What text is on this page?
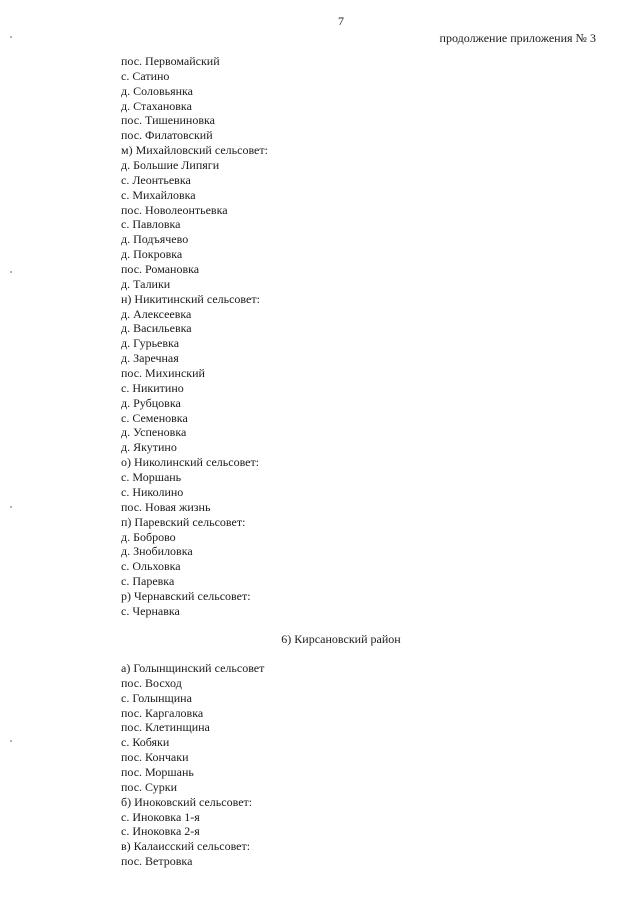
7
продолжение приложения № 3
пос. Первомайский
с. Сатино
д. Соловьянка
д. Стахановка
пос. Тишениновка
пос. Филатовский
м) Михайловский сельсовет:
д. Большие Липяги
с. Леонтьевка
с. Михайловка
пос. Новолеонтьевка
с. Павловка
д. Подъячево
д. Покровка
пос. Романовка
д. Талики
н) Никитинский сельсовет:
д. Алексеевка
д. Васильевка
д. Гурьевка
д. Заречная
пос. Михинский
с. Никитино
д. Рубцовка
с. Семеновка
д. Успеновка
д. Якутино
о) Николинский сельсовет:
с. Моршань
с. Николино
пос. Новая жизнь
п) Паревский сельсовет:
д. Боброво
д. Знобиловка
с. Ольховка
с. Паревка
р) Чернавский сельсовет:
с. Чернавка
6) Кирсановский район
а) Голынщинский сельсовет
пос. Восход
с. Голынщина
пос. Каргаловка
пос. Клетинщина
с. Кобяки
пос. Кончаки
пос. Моршань
пос. Сурки
б) Иноковский сельсовет:
с. Иноковка 1-я
с. Иноковка 2-я
в) Калаисский сельсовет:
пос. Ветровка
